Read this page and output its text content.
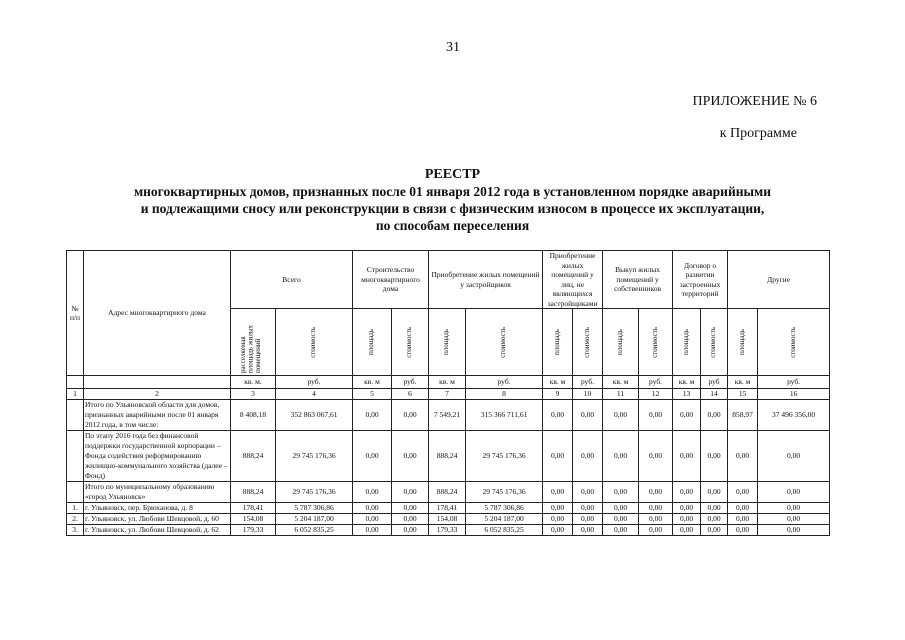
31
ПРИЛОЖЕНИЕ № 6
к Программе
РЕЕСТР
многоквартирных домов, признанных после 01 января 2012 года в установленном порядке аварийными
и подлежащими сносу или реконструкции в связи с физическим износом в процессе их эксплуатации,
по способам переселения
№ п/п	Адрес многоквартирного дома	Всего		Строительство многоквартирного дома		Приобретение жилых помещений у застройщиков		Приобретение жилых помещений у лиц, не являющихся застройщиками		Выкуп жилых помещений у собственников		Договор о развитии застроенных территорий		Другие	

		расселяемая площадь жилых помещений	стоимость	площадь	стоимость	площадь	стоимость	площадь	стоимость	площадь	стоимость	площадь	стоимость	площадь	стоимость

		кв. м.	руб.	кв. м	руб.	кв. м	руб.	кв. м	руб.	кв. м	руб.	кв. м	руб	кв. м	руб.
1	2	3	4	5	6	7	8	9	10	11	12	13	14	15	16
	Итого по Ульяновской области для домов, признанных аварийными после 01 января 2012 года, в том числе:	8 408,18	352 863 067,61	0,00	0,00	7 549,21	315 366 711,61	0,00	0,00	0,00	0,00	0,00	0,00	858,97	37 496 356,00
	По этапу 2016 года без финансовой поддержки государственной корпорации – Фонда содействия реформированию жилищно-коммунального хозяйства (далее – Фонд)	888,24	29 745 176,36	0,00	0,00	888,24	29 745 176,36	0,00	0,00	0,00	0,00	0,00	0,00	0,00	0,00
	Итого по муниципальному образованию «город Ульяновск»	888,24	29 745 176,36	0,00	0,00	888,24	29 745 176,36	0,00	0,00	0,00	0,00	0,00	0,00	0,00	0,00
1.	г. Ульяновск, пер. Брюханова, д. 8	178,41	5 787 306,86	0,00	0,00	178,41	5 787 306,86	0,00	0,00	0,00	0,00	0,00	0,00	0,00	0,00
2.	г. Ульяновск, ул. Любови Шевцовой, д. 60	154,08	5 204 187,00	0,00	0,00	154,08	5 204 187,00	0,00	0,00	0,00	0,00	0,00	0,00	0,00	0,00
3.	г. Ульяновск, ул. Любови Шевцовой, д. 62	179,33	6 052 835,25	0,00	0,00	179,33	6 052 835,25	0,00	0,00	0,00	0,00	0,00	0,00	0,00	0,00
